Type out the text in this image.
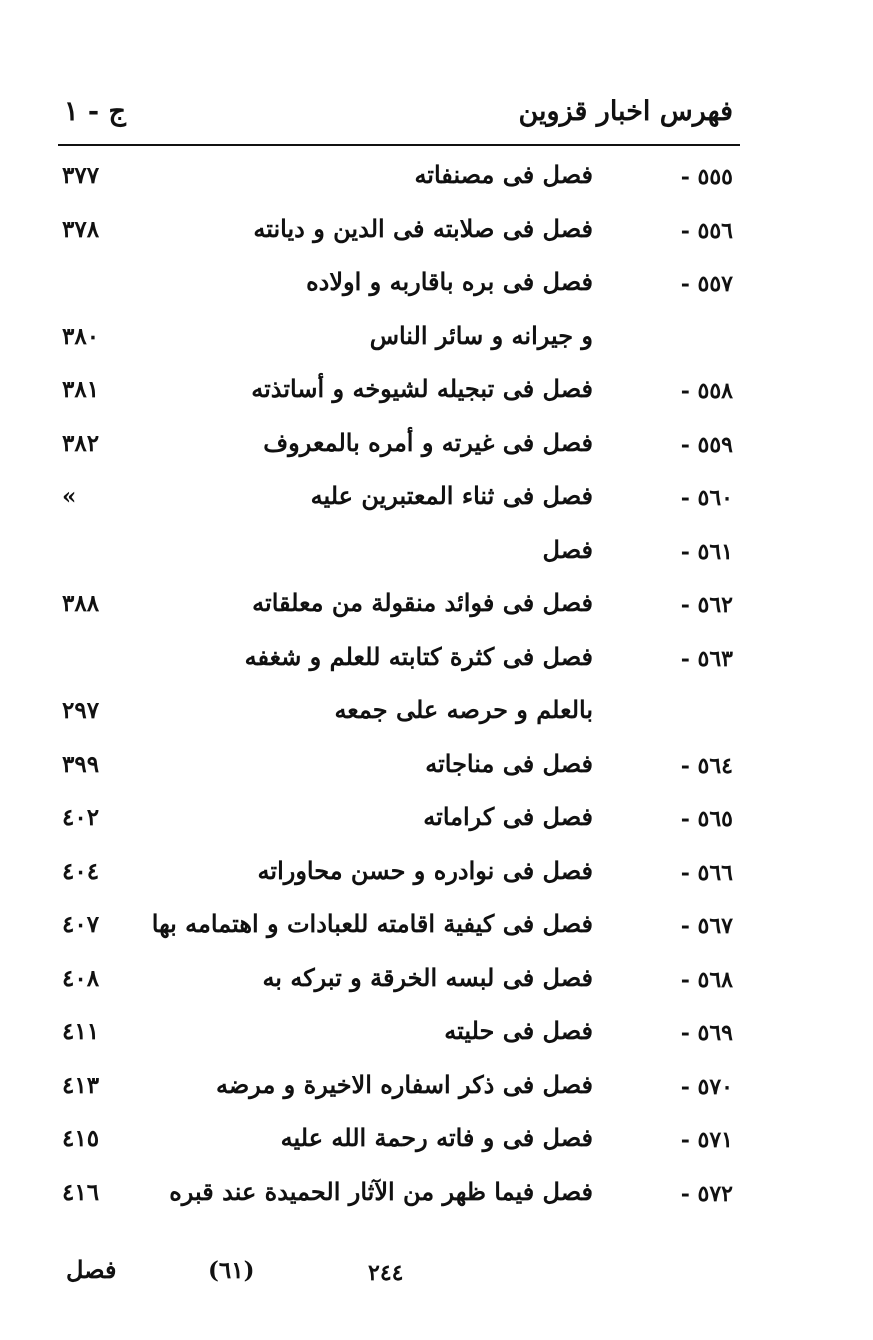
فهرس اخبار قزوين
ج - ١
٥٥٥ -
فصل فى مصنفاته
٣٧٧
٥٥٦ -
فصل فى صلابته فى الدين و ديانته
٣٧٨
٥٥٧ -
فصل فى بره باقاربه و اولاده
و جيرانه و سائر الناس
٣٨٠
٥٥٨ -
فصل فى تبجيله لشيوخه و أساتذته
٣٨١
٥٥٩ -
فصل فى غيرته و أمره بالمعروف
٣٨٢
٥٦٠ -
فصل فى ثناء المعتبرين عليه
»
٥٦١ -
فصل
٥٦٢ -
فصل فى فوائد منقولة من معلقاته
٣٨٨
٥٦٣ -
فصل فى كثرة كتابته للعلم و شغفه
بالعلم و حرصه على جمعه
٢٩٧
٥٦٤ -
فصل فى مناجاته
٣٩٩
٥٦٥ -
فصل فى كراماته
٤٠٢
٥٦٦ -
فصل فى نوادره و حسن محاوراته
٤٠٤
٥٦٧ -
فصل فى كيفية اقامته للعبادات و اهتمامه بها
٤٠٧
٥٦٨ -
فصل فى لبسه الخرقة و تبركه به
٤٠٨
٥٦٩ -
فصل فى حليته
٤١١
٥٧٠ -
فصل فى ذكر اسفاره الاخيرة و مرضه
٤١٣
٥٧١ -
فصل فى و فاته رحمة الله عليه
٤١٥
٥٧٢ -
فصل فيما ظهر من الآثار الحميدة عند قبره
٤١٦
فصل	(٦١)	٢٤٤
